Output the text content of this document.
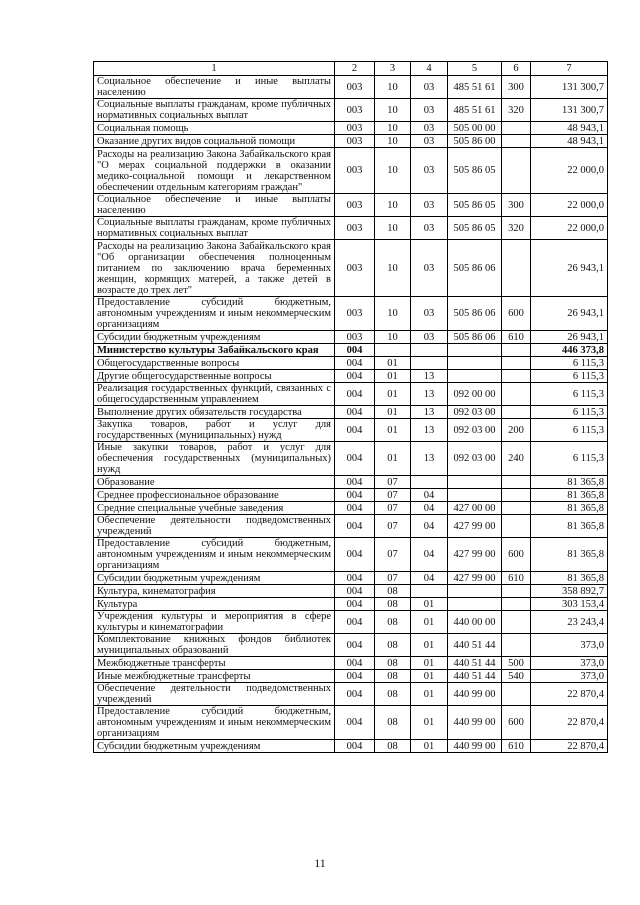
1	2	3	4	5	6	7
Социальное обеспечение и иные выплаты населению	003	10	03	485 51 61	300	131 300,7
Социальные выплаты гражданам, кроме публичных нормативных социальных выплат	003	10	03	485 51 61	320	131 300,7
Социальная помощь	003	10	03	505 00 00		48 943,1
Оказание других видов социальной помощи	003	10	03	505 86 00		48 943,1
Расходы на реализацию Закона Забайкальского края "О мерах социальной поддержки в оказании медико-социальной помощи и лекарственном обеспечении отдельным категориям граждан"	003	10	03	505 86 05		22 000,0
Социальное обеспечение и иные выплаты населению	003	10	03	505 86 05	300	22 000,0
Социальные выплаты гражданам, кроме публичных нормативных социальных выплат	003	10	03	505 86 05	320	22 000,0
Расходы на реализацию Закона Забайкальского края "Об организации обеспечения полноценным питанием по заключению врача беременных женщин, кормящих матерей, а также детей в возрасте до трех лет"	003	10	03	505 86 06		26 943,1
Предоставление субсидий бюджетным, автономным учреждениям и иным некоммерческим организациям	003	10	03	505 86 06	600	26 943,1
Субсидии бюджетным учреждениям	003	10	03	505 86 06	610	26 943,1
Министерство культуры Забайкальского края	004					446 373,8
Общегосударственные вопросы	004	01				6 115,3
Другие общегосударственные вопросы	004	01	13			6 115,3
Реализация государственных функций, связанных с общегосударственным управлением	004	01	13	092 00 00		6 115,3
Выполнение других обязательств государства	004	01	13	092 03 00		6 115,3
Закупка товаров, работ и услуг для государственных (муниципальных) нужд	004	01	13	092 03 00	200	6 115,3
Иные закупки товаров, работ и услуг для обеспечения государственных (муниципальных) нужд	004	01	13	092 03 00	240	6 115,3
Образование	004	07				81 365,8
Среднее профессиональное образование	004	07	04			81 365,8
Средние специальные учебные заведения	004	07	04	427 00 00		81 365,8
Обеспечение деятельности подведомственных учреждений	004	07	04	427 99 00		81 365,8
Предоставление субсидий бюджетным, автономным учреждениям и иным некоммерческим организациям	004	07	04	427 99 00	600	81 365,8
Субсидии бюджетным учреждениям	004	07	04	427 99 00	610	81 365,8
Культура, кинематография	004	08				358 892,7
Культура	004	08	01			303 153,4
Учреждения культуры и мероприятия в сфере культуры и кинематографии	004	08	01	440 00 00		23 243,4
Комплектование книжных фондов библиотек муниципальных образований	004	08	01	440 51 44		373,0
Межбюджетные трансферты	004	08	01	440 51 44	500	373,0
Иные межбюджетные трансферты	004	08	01	440 51 44	540	373,0
Обеспечение деятельности подведомственных учреждений	004	08	01	440 99 00		22 870,4
Предоставление субсидий бюджетным, автономным учреждениям и иным некоммерческим организациям	004	08	01	440 99 00	600	22 870,4
Субсидии бюджетным учреждениям	004	08	01	440 99 00	610	22 870,4
11
